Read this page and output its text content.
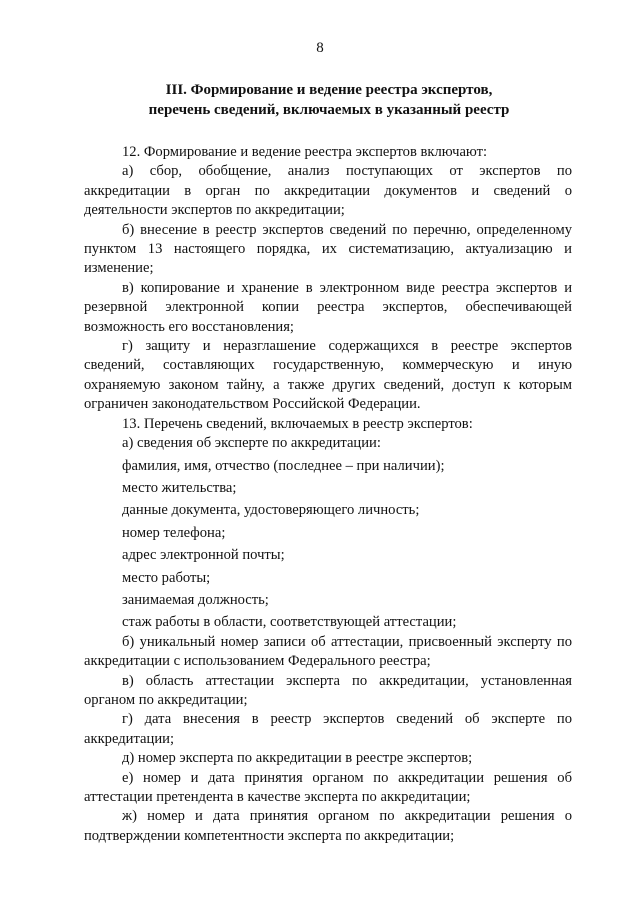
8
III. Формирование и ведение реестра экспертов,
перечень сведений, включаемых в указанный реестр

12. Формирование и ведение реестра экспертов включают:

а) сбор, обобщение, анализ поступающих от экспертов по аккредитации в орган по аккредитации документов и сведений о деятельности экспертов по аккредитации;

б) внесение в реестр экспертов сведений по перечню, определенному пунктом 13 настоящего порядка, их систематизацию, актуализацию и изменение;

в) копирование и хранение в электронном виде реестра экспертов и резервной электронной копии реестра экспертов, обеспечивающей возможность его восстановления;

г) защиту и неразглашение содержащихся в реестре экспертов сведений, составляющих государственную, коммерческую и иную охраняемую законом тайну, а также других сведений, доступ к которым ограничен законодательством Российской Федерации.

13. Перечень сведений, включаемых в реестр экспертов:

а) сведения об эксперте по аккредитации:

фамилия, имя, отчество (последнее – при наличии);

место жительства;

данные документа, удостоверяющего личность;

номер телефона;

адрес электронной почты;

место работы;

занимаемая должность;

стаж работы в области, соответствующей аттестации;

б) уникальный номер записи об аттестации, присвоенный эксперту по аккредитации с использованием Федерального реестра;

в) область аттестации эксперта по аккредитации, установленная органом по аккредитации;

г) дата внесения в реестр экспертов сведений об эксперте по аккредитации;

д) номер эксперта по аккредитации в реестре экспертов;

е) номер и дата принятия органом по аккредитации решения об аттестации претендента в качестве эксперта по аккредитации;

ж) номер и дата принятия органом по аккредитации решения о подтверждении компетентности эксперта по аккредитации;
